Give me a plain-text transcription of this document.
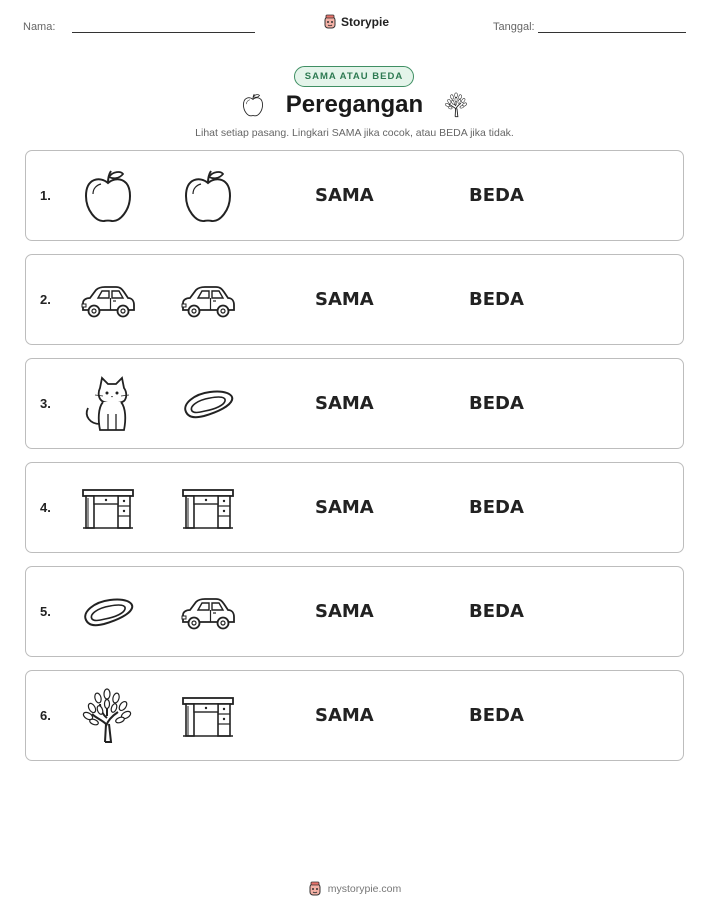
Nama:	Storypie	Tanggal:
SAMA ATAU BEDA
Peregangan
Lihat setiap pasang. Lingkari SAMA jika cocok, atau BEDA jika tidak.
1.	SAMA	BEDA
2.	SAMA	BEDA
3.	SAMA	BEDA
4.	SAMA	BEDA
5.	SAMA	BEDA
6.	SAMA	BEDA
mystorypie.com
